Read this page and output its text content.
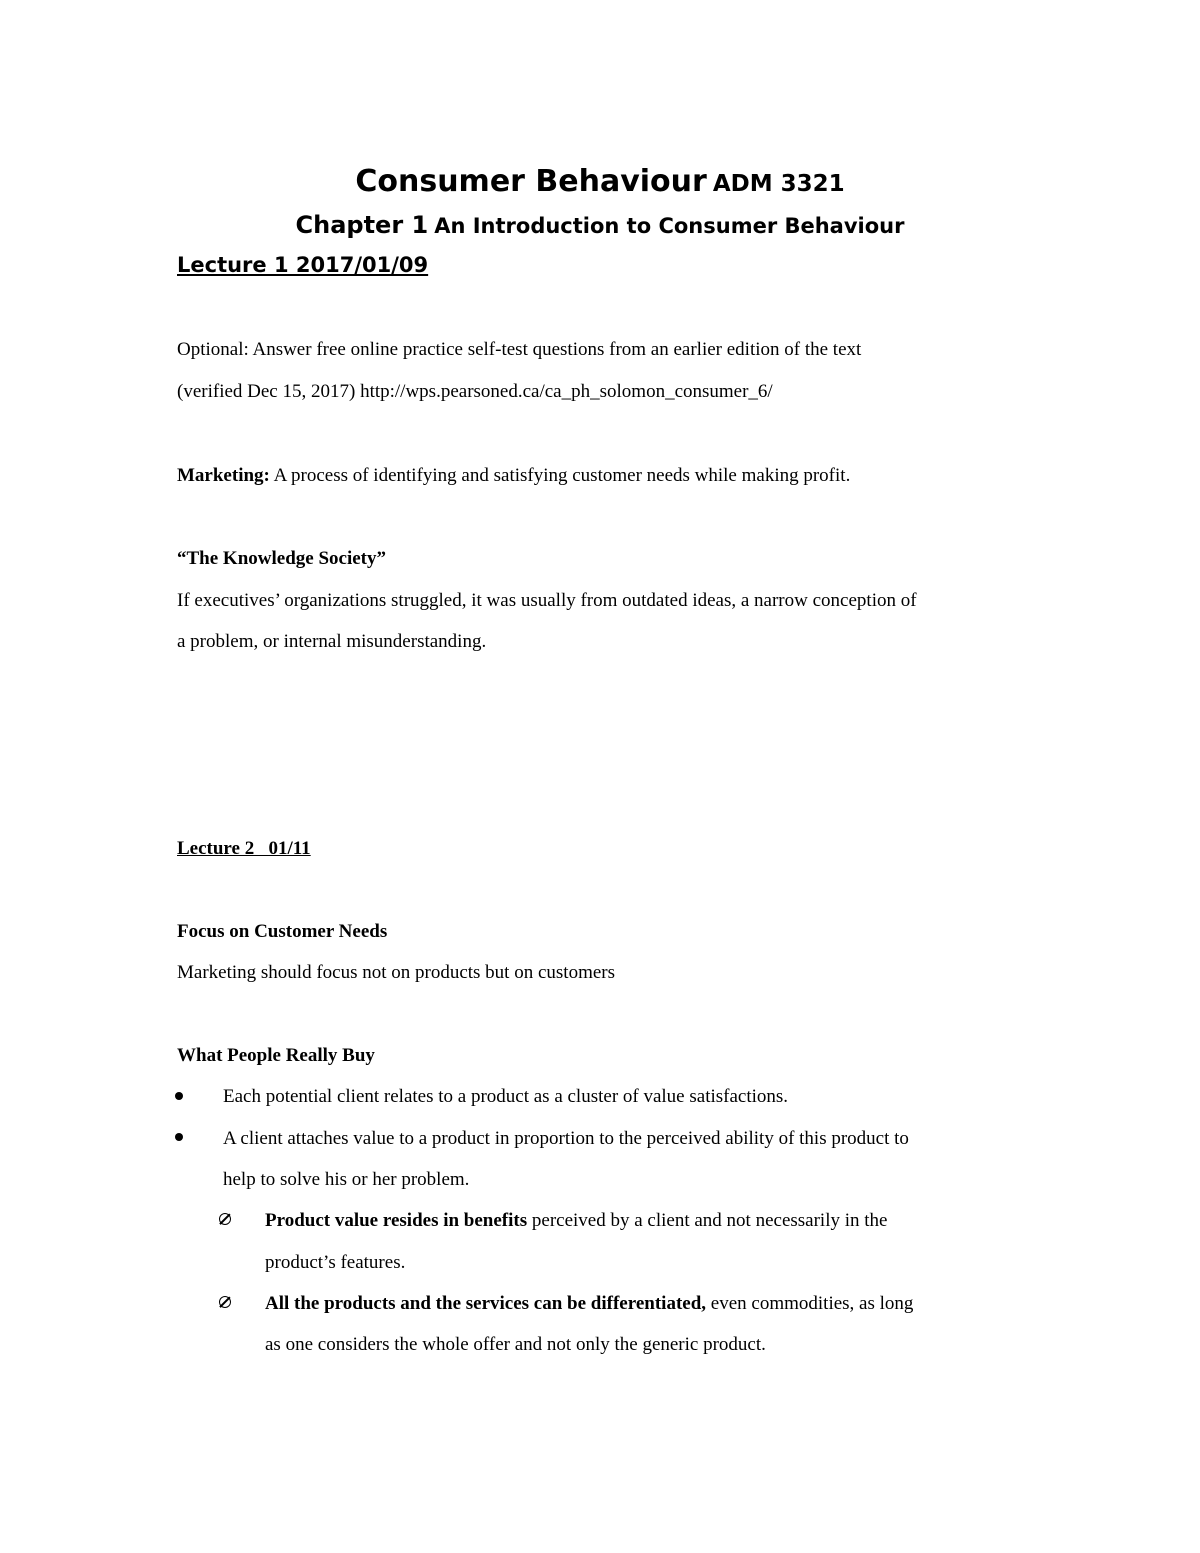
Consumer Behaviour ADM 3321
Chapter 1 An Introduction to Consumer Behaviour
Lecture 1 2017/01/09
Optional: Answer free online practice self-test questions from an earlier edition of the text
(verified Dec 15, 2017) http://wps.pearsoned.ca/ca_ph_solomon_consumer_6/
Marketing: A process of identifying and satisfying customer needs while making profit.
“The Knowledge Society”
If executives’ organizations struggled, it was usually from outdated ideas, a narrow conception of
a problem, or internal misunderstanding.
Lecture 2   01/11
Focus on Customer Needs
Marketing should focus not on products but on customers
What People Really Buy
Each potential client relates to a product as a cluster of value satisfactions.
A client attaches value to a product in proportion to the perceived ability of this product to
help to solve his or her problem.
Product value resides in benefits perceived by a client and not necessarily in the
product’s features.
All the products and the services can be differentiated, even commodities, as long
as one considers the whole offer and not only the generic product.
